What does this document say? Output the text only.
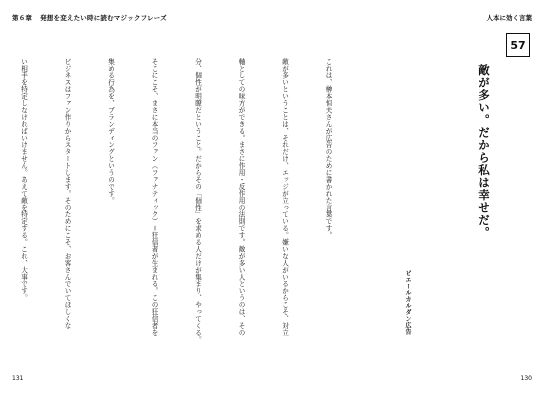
第６章 発想を変えたい時に読むマジックフレーズ	人本に効く言葉
57
敵が多い。だから私は幸せだ。
ピエールカルダン広告

これは、榊本恒夫さんが広告のために書かれた言葉です。

敵が多いということは、それだけ、エッジが立っている。嫌いな人がいるからこそ、対立

軸としての味方ができる。まさに作用・反作用の法則です。敵が多い人というのは、その

分、個性が明瞭だということ。だからその「個性」を求める人だけが集まり、やってくる。

そこにこそ、まさに本当のファン（ファナティック）＝狂信者が生まれる。この狂信者を

集める行為を、ブランディングというのです。

ビジネスはファン作りからスタートします。そのためにこそ、お客さんでいてほしくな

い相手を特定しなければいけません。あえて敵を特定する。これ、大事です。

131	130
